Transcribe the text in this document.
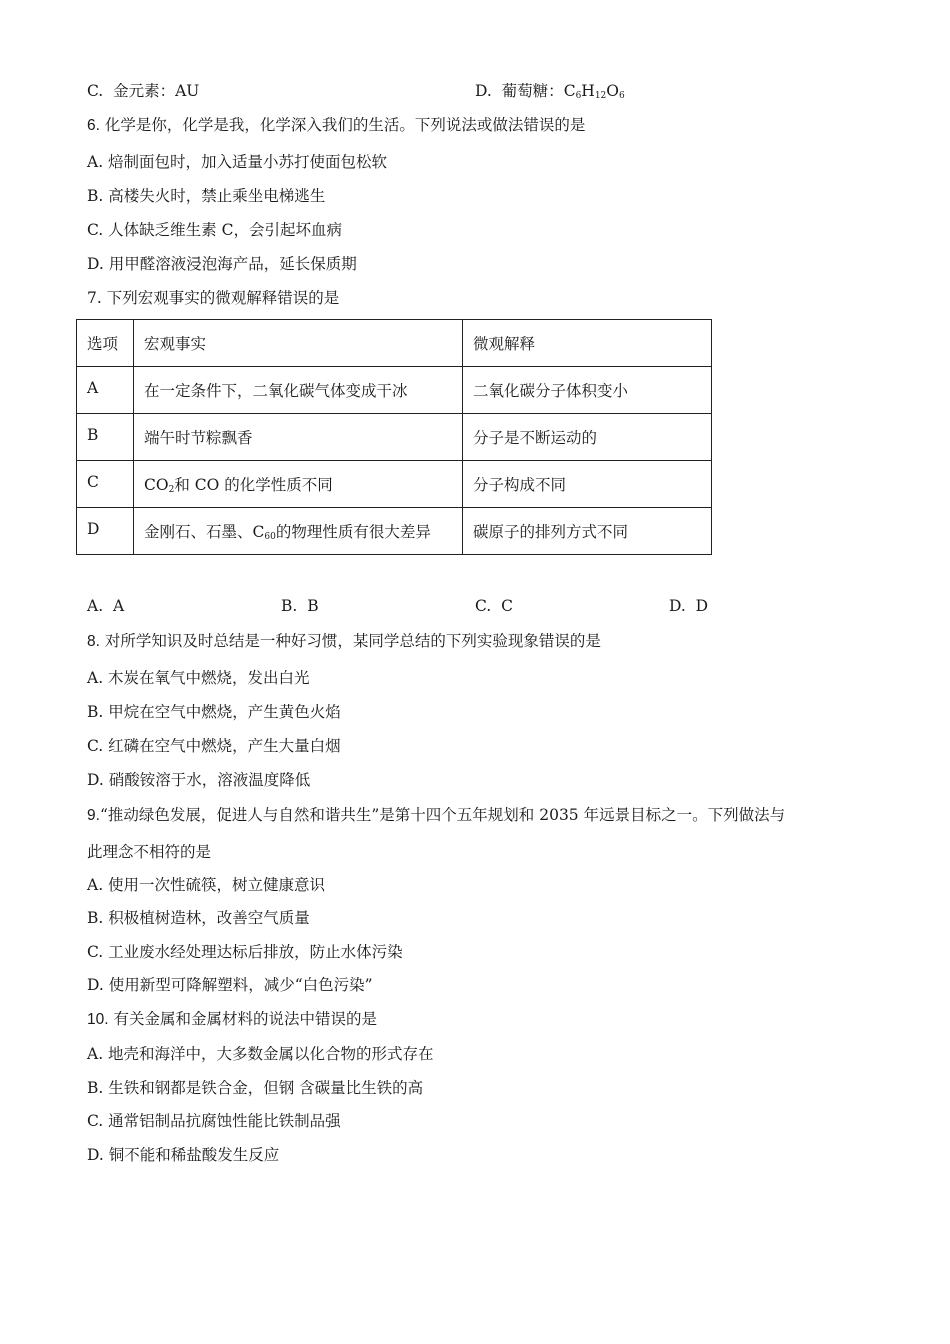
C. 金元素：AU	D. 葡萄糖：$C_6H_{12}O_6$
6. 化学是你，化学是我，化学深入我们的生活。下列说法或做法错误的是
A. 焙制面包时，加入适量小苏打使面包松软
B. 高楼失火时，禁止乘坐电梯逃生
C. 人体缺乏维生素 C，会引起坏血病
D. 用甲醛溶液浸泡海产品，延长保质期
7. 下列宏观事实的微观解释错误的是
选项	宏观事实	微观解释
A	在一定条件下，二氧化碳气体变成干冰	二氧化碳分子体积变小
B	端午时节粽飘香	分子是不断运动的
C	$CO_2$和 CO 的化学性质不同	分子构成不同
D	金刚石、石墨、$C_{60}$的物理性质有很大差异	碳原子的排列方式不同
A. A	B. B	C. C	D. D
8. 对所学知识及时总结是一种好习惯，某同学总结的下列实验现象错误的是
A. 木炭在氧气中燃烧，发出白光
B. 甲烷在空气中燃烧，产生黄色火焰
C. 红磷在空气中燃烧，产生大量白烟
D. 硝酸铵溶于水，溶液温度降低
9.“推动绿色发展，促进人与自然和谐共生”是第十四个五年规划和 2035 年远景目标之一。下列做法与
此理念不相符的是
A. 使用一次性硫筷，树立健康意识
B. 积极植树造林，改善空气质量
C. 工业废水经处理达标后排放，防止水体污染
D. 使用新型可降解塑料，减少“白色污染”
10. 有关金属和金属材料的说法中错误的是
A. 地壳和海洋中，大多数金属以化合物的形式存在
B. 生铁和钢都是铁合金，但钢 含碳量比生铁的高
C. 通常铝制品抗腐蚀性能比铁制品强
D. 铜不能和稀盐酸发生反应
